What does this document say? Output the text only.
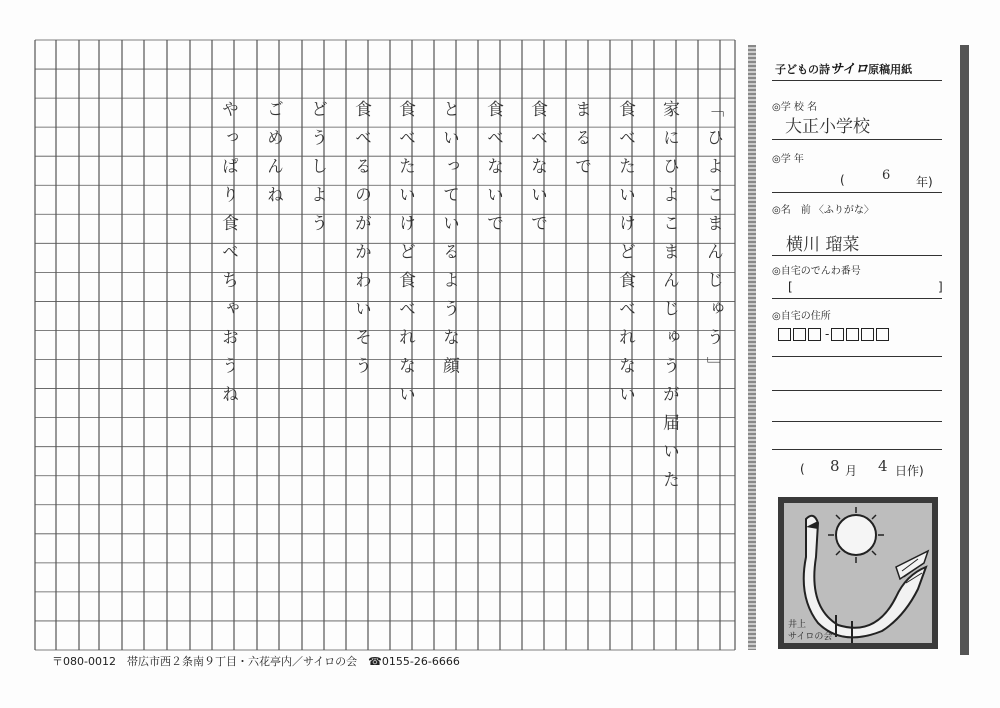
「ひよこまんじゅう」
家にひよこまんじゅうが届いた
食べたいけど食べれない
まるで
食べないで
食べないで
といっているような顔
食べたいけど食べれない
食べるのがかわいそう
どうしよう
ごめんね
やっぱり食べちゃおうね
子どもの詩サイロ原稿用紙
◎学 校 名
大正小学校
◎学 年
(	6 年)
◎名　前 〈ふりがな〉
横川 瑠菜
◎自宅のでんわ番号
[	]
◎自宅の住所
-
( 8 月 4 日作)
井上
サイロの会
〒080-0012　帯広市西２条南９丁目・六花亭内／サイロの会　☎0155-26-6666
